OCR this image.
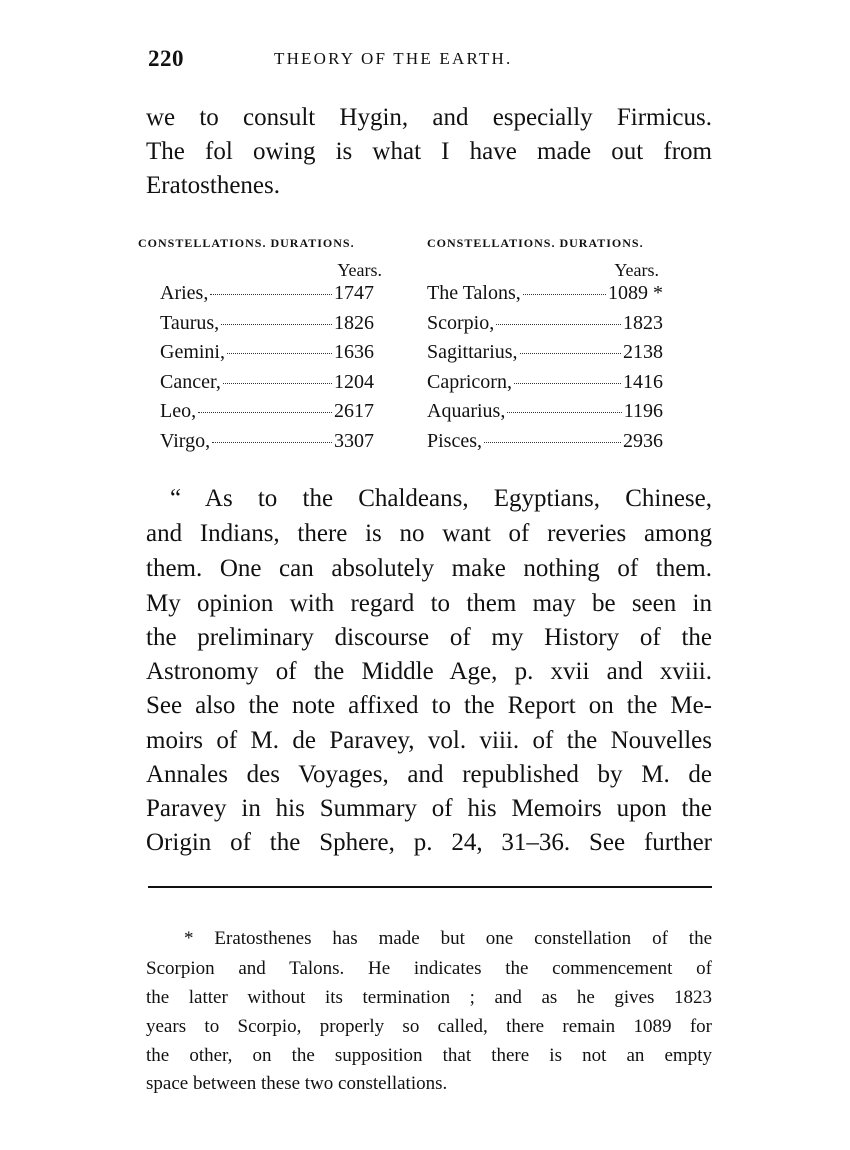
220	THEORY OF THE EARTH.
we to consult Hygin, and especially Firmicus.
The fol owing is what I have made out from
Eratosthenes.
CONSTELLATIONS. DURATIONS.
Years.
Aries,	1747
Taurus,	1826
Gemini,	1636
Cancer,	1204
Leo,	2617
Virgo,	3307
CONSTELLATIONS. DURATIONS.
Years.
The Talons,	1089 *
Scorpio,	1823
Sagittarius,	2138
Capricorn,	1416
Aquarius,	1196
Pisces,	2936
“ As to the Chaldeans, Egyptians, Chinese,
and Indians, there is no want of reveries among
them. One can absolutely make nothing of them.
My opinion with regard to them may be seen in
the preliminary discourse of my History of the
Astronomy of the Middle Age, p. xvii and xviii.
See also the note affixed to the Report on the Me-
moirs of M. de Paravey, vol. viii. of the Nouvelles
Annales des Voyages, and republished by M. de
Paravey in his Summary of his Memoirs upon the
Origin of the Sphere, p. 24, 31–36. See further
* Eratosthenes has made but one constellation of the
Scorpion and Talons. He indicates the commencement of
the latter without its termination ; and as he gives 1823
years to Scorpio, properly so called, there remain 1089 for
the other, on the supposition that there is not an empty
space between these two constellations.
